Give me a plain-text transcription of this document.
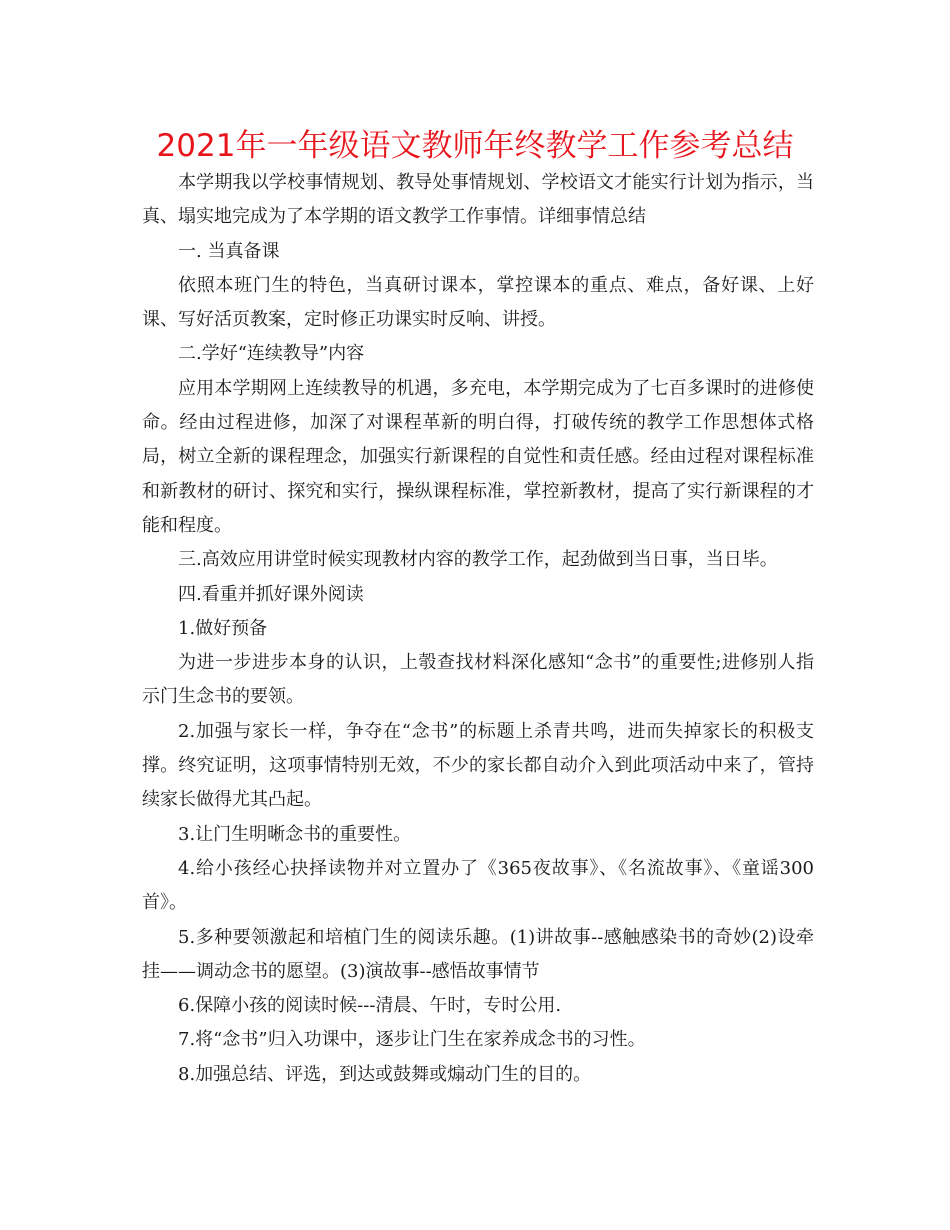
2021年一年级语文教师年终教学工作参考总结

本学期我以学校事情规划、教导处事情规划、学校语文才能实行计划为指示，当真、塌实地完成为了本学期的语文教学工作事情。详细事情总结

一. 当真备课

依照本班门生的特色，当真研讨课本，掌控课本的重点、难点，备好课、上好课、写好活页教案，定时修正功课实时反响、讲授。

二.学好“连续教导”内容

应用本学期网上连续教导的机遇，多充电，本学期完成为了七百多课时的进修使命。经由过程进修，加深了对课程革新的明白得，打破传统的教学工作思想体式格局，树立全新的课程理念，加强实行新课程的自觉性和责任感。经由过程对课程标准和新教材的研讨、探究和实行，操纵课程标准，掌控新教材，提高了实行新课程的才能和程度。

三.高效应用讲堂时候实现教材内容的教学工作，起劲做到当日事，当日毕。

四.看重并抓好课外阅读

1.做好预备

为进一步进步本身的认识，上彀查找材料深化感知“念书”的重要性;进修别人指示门生念书的要领。

2.加强与家长一样，争夺在“念书”的标题上杀青共鸣，进而失掉家长的积极支撑。终究证明，这项事情特别无效，不少的家长都自动介入到此项活动中来了，管持续家长做得尤其凸起。

3.让门生明晰念书的重要性。

4.给小孩经心抉择读物并对立置办了《365夜故事》、《名流故事》、《童谣300首》。

5.多种要领激起和培植门生的阅读乐趣。(1)讲故事--感触感染书的奇妙(2)设牵挂——调动念书的愿望。(3)演故事--感悟故事情节

6.保障小孩的阅读时候---清晨、午时，专时公用.

7.将“念书”归入功课中，逐步让门生在家养成念书的习性。

8.加强总结、评选，到达或鼓舞或煽动门生的目的。
